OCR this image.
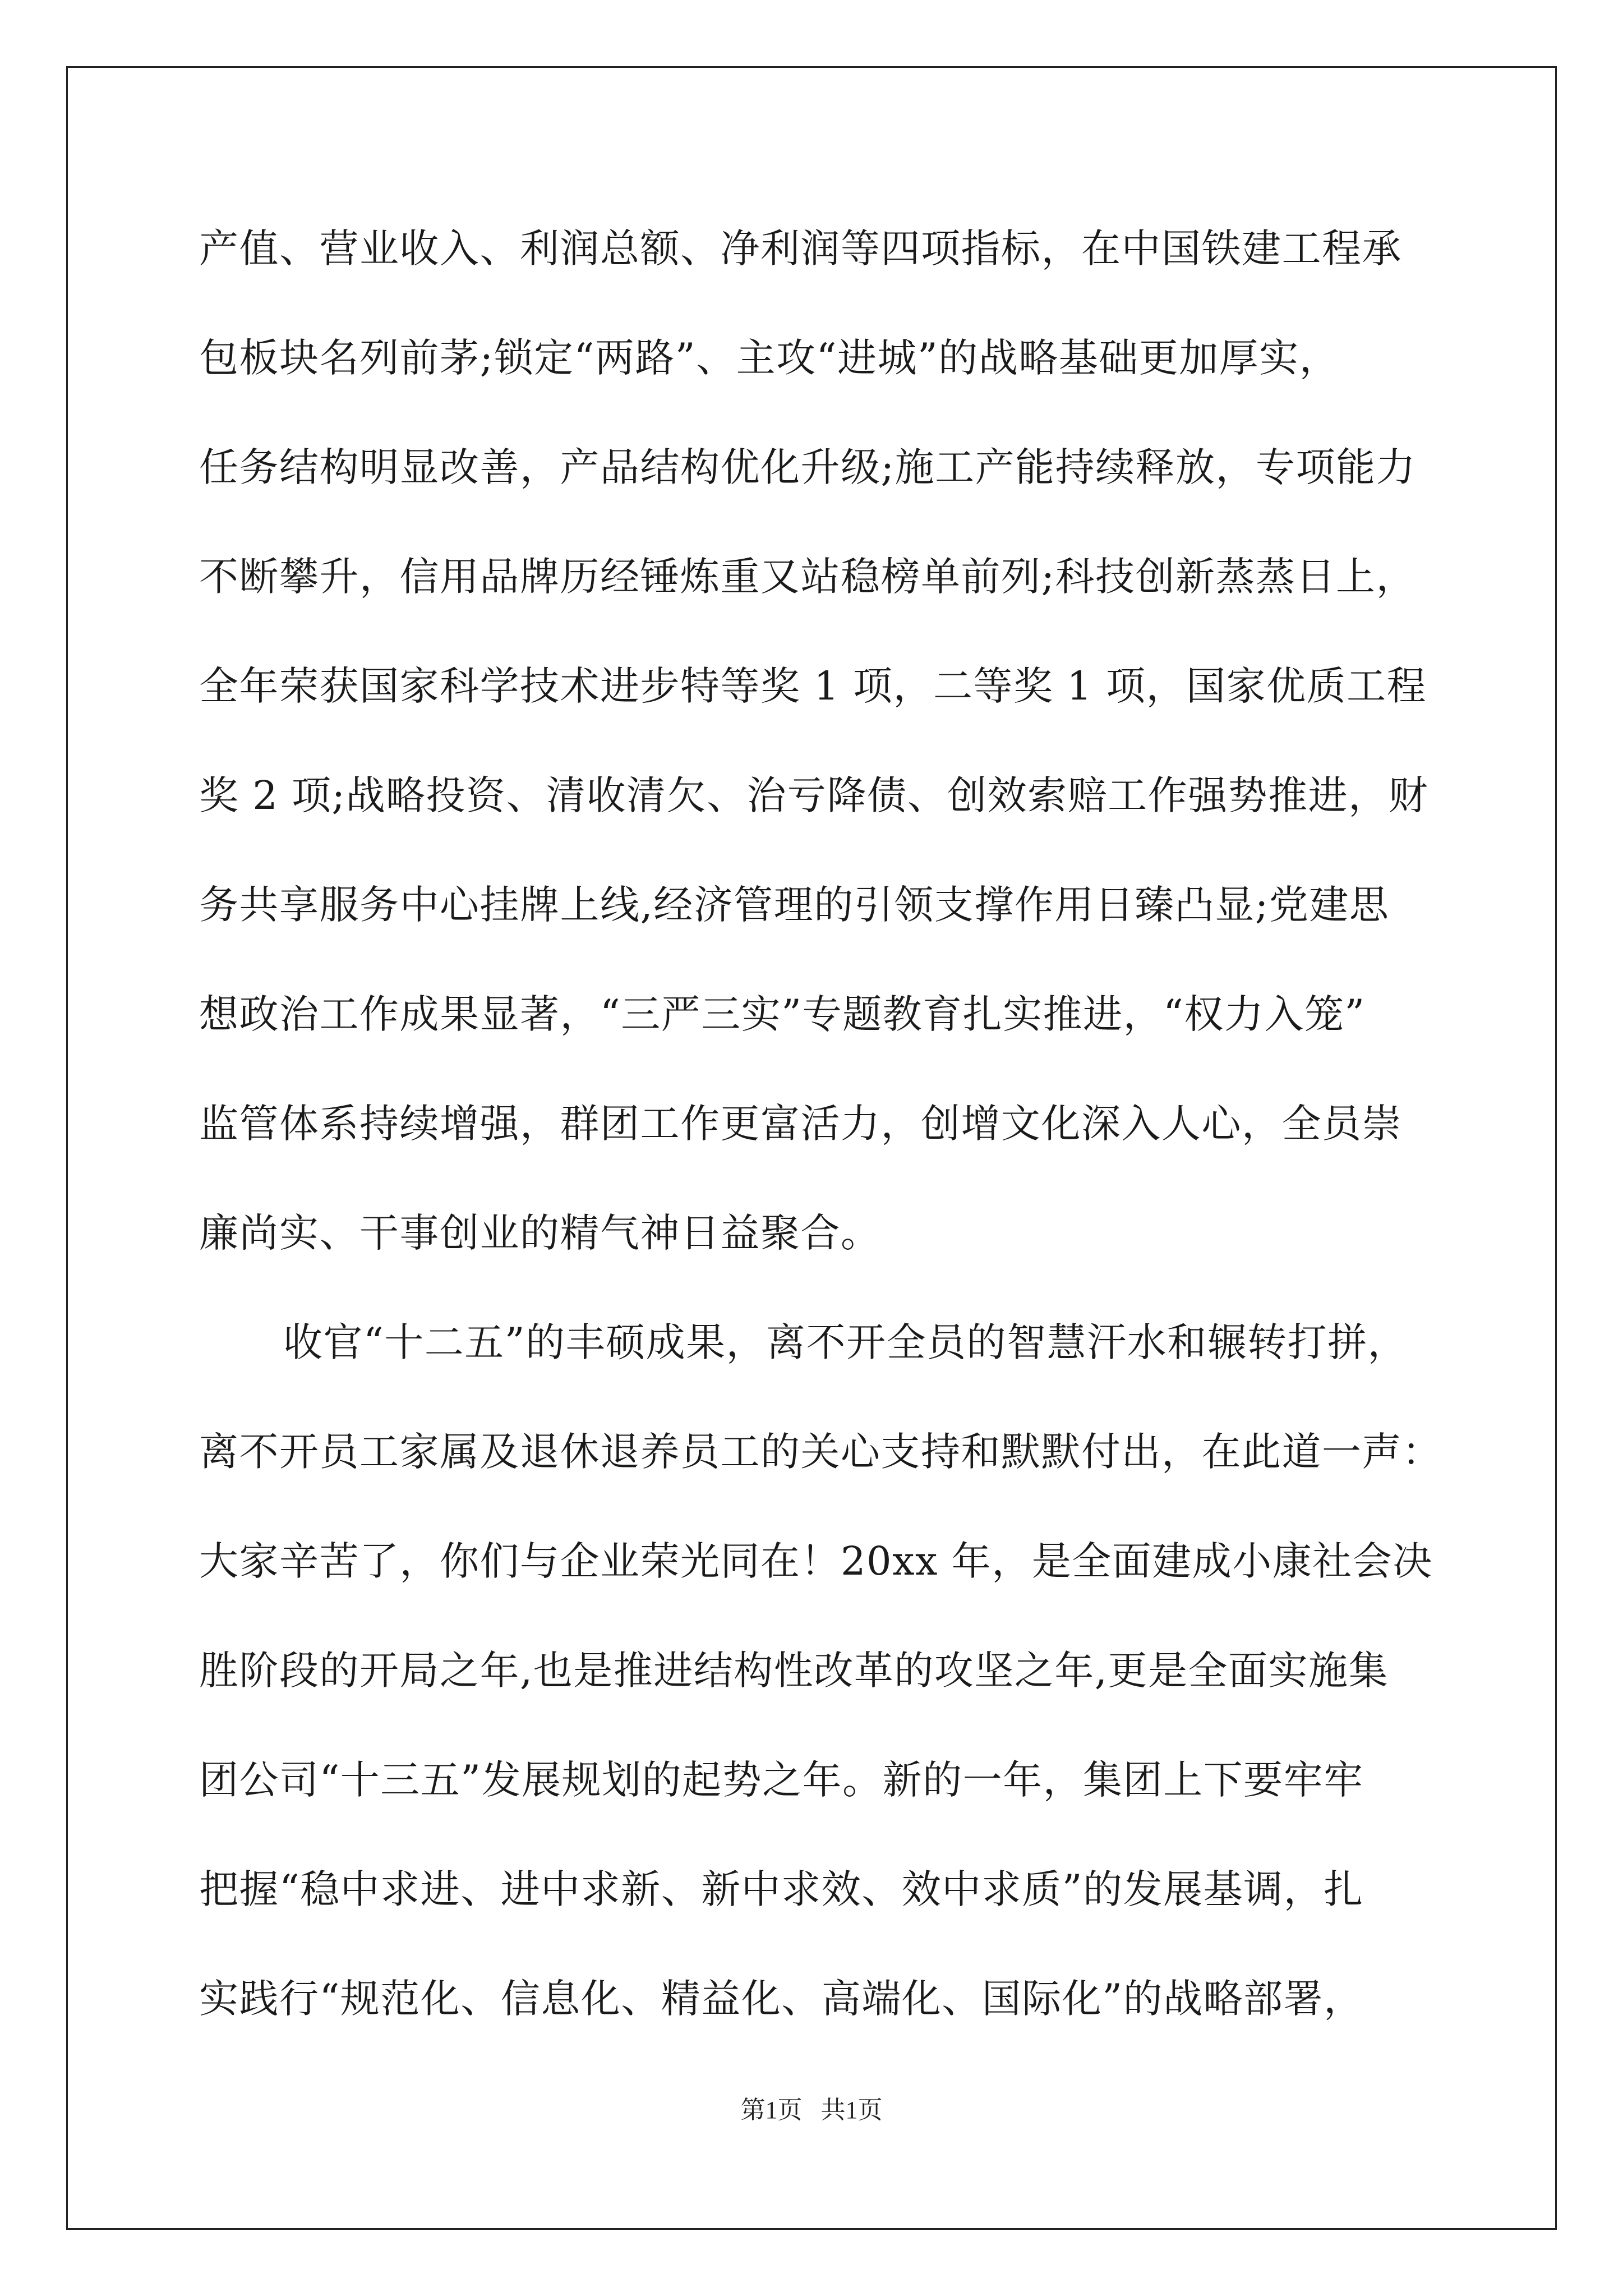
产值、营业收入、利润总额、净利润等四项指标，在中国铁建工程承
包板块名列前茅;锁定“两路”、主攻“进城”的战略基础更加厚实，
任务结构明显改善，产品结构优化升级;施工产能持续释放，专项能力
不断攀升，信用品牌历经锤炼重又站稳榜单前列;科技创新蒸蒸日上，
全年荣获国家科学技术进步特等奖 1 项，二等奖 1 项，国家优质工程
奖 2 项;战略投资、清收清欠、治亏降债、创效索赔工作强势推进，财
务共享服务中心挂牌上线,经济管理的引领支撑作用日臻凸显;党建思
想政治工作成果显著，“三严三实”专题教育扎实推进，“权力入笼”
监管体系持续增强，群团工作更富活力，创增文化深入人心，全员崇
廉尚实、干事创业的精气神日益聚合。
收官“十二五”的丰硕成果，离不开全员的智慧汗水和辗转打拼，
离不开员工家属及退休退养员工的关心支持和默默付出，在此道一声：
大家辛苦了，你们与企业荣光同在！20xx 年，是全面建成小康社会决
胜阶段的开局之年,也是推进结构性改革的攻坚之年,更是全面实施集
团公司“十三五”发展规划的起势之年。新的一年，集团上下要牢牢
把握“稳中求进、进中求新、新中求效、效中求质”的发展基调，扎
实践行“规范化、信息化、精益化、高端化、国际化”的战略部署，
第1页 共1页
